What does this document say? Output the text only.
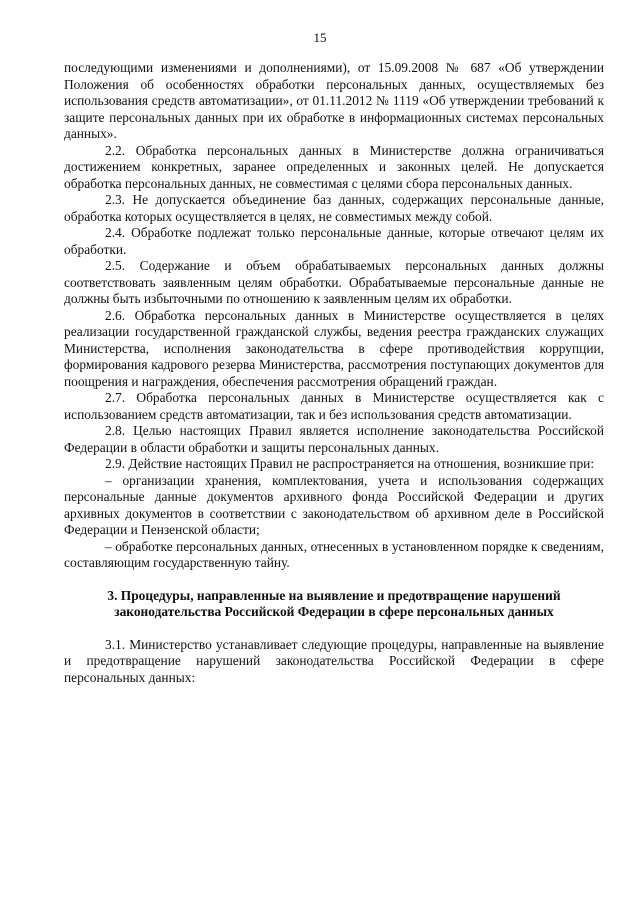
15

последующими изменениями и дополнениями), от 15.09.2008 № 687 «Об утверждении Положения об особенностях обработки персональных данных, осуществляемых без использования средств автоматизации», от 01.11.2012 № 1119 «Об утверждении требований к защите персональных данных при их обработке в информационных системах персональных данных».

2.2. Обработка персональных данных в Министерстве должна ограничиваться достижением конкретных, заранее определенных и законных целей. Не допускается обработка персональных данных, не совместимая с целями сбора персональных данных.

2.3. Не допускается объединение баз данных, содержащих персональные данные, обработка которых осуществляется в целях, не совместимых между собой.

2.4. Обработке подлежат только персональные данные, которые отвечают целям их обработки.

2.5. Содержание и объем обрабатываемых персональных данных должны соответствовать заявленным целям обработки. Обрабатываемые персональные данные не должны быть избыточными по отношению к заявленным целям их обработки.

2.6. Обработка персональных данных в Министерстве осуществляется в целях реализации государственной гражданской службы, ведения реестра гражданских служащих Министерства, исполнения законодательства в сфере противодействия коррупции, формирования кадрового резерва Министерства, рассмотрения поступающих документов для поощрения и награждения, обеспечения рассмотрения обращений граждан.

2.7. Обработка персональных данных в Министерстве осуществляется как с использованием средств автоматизации, так и без использования средств автоматизации.

2.8. Целью настоящих Правил является исполнение законодательства Российской Федерации в области обработки и защиты персональных данных.

2.9. Действие настоящих Правил не распространяется на отношения, возникшие при:

– организации хранения, комплектования, учета и использования содержащих персональные данные документов архивного фонда Российской Федерации и других архивных документов в соответствии с законодательством об архивном деле в Российской Федерации и Пензенской области;

– обработке персональных данных, отнесенных в установленном порядке к сведениям, составляющим государственную тайну.

3. Процедуры, направленные на выявление и предотвращение нарушений законодательства Российской Федерации в сфере персональных данных

3.1. Министерство устанавливает следующие процедуры, направленные на выявление и предотвращение нарушений законодательства Российской Федерации в сфере персональных данных:
